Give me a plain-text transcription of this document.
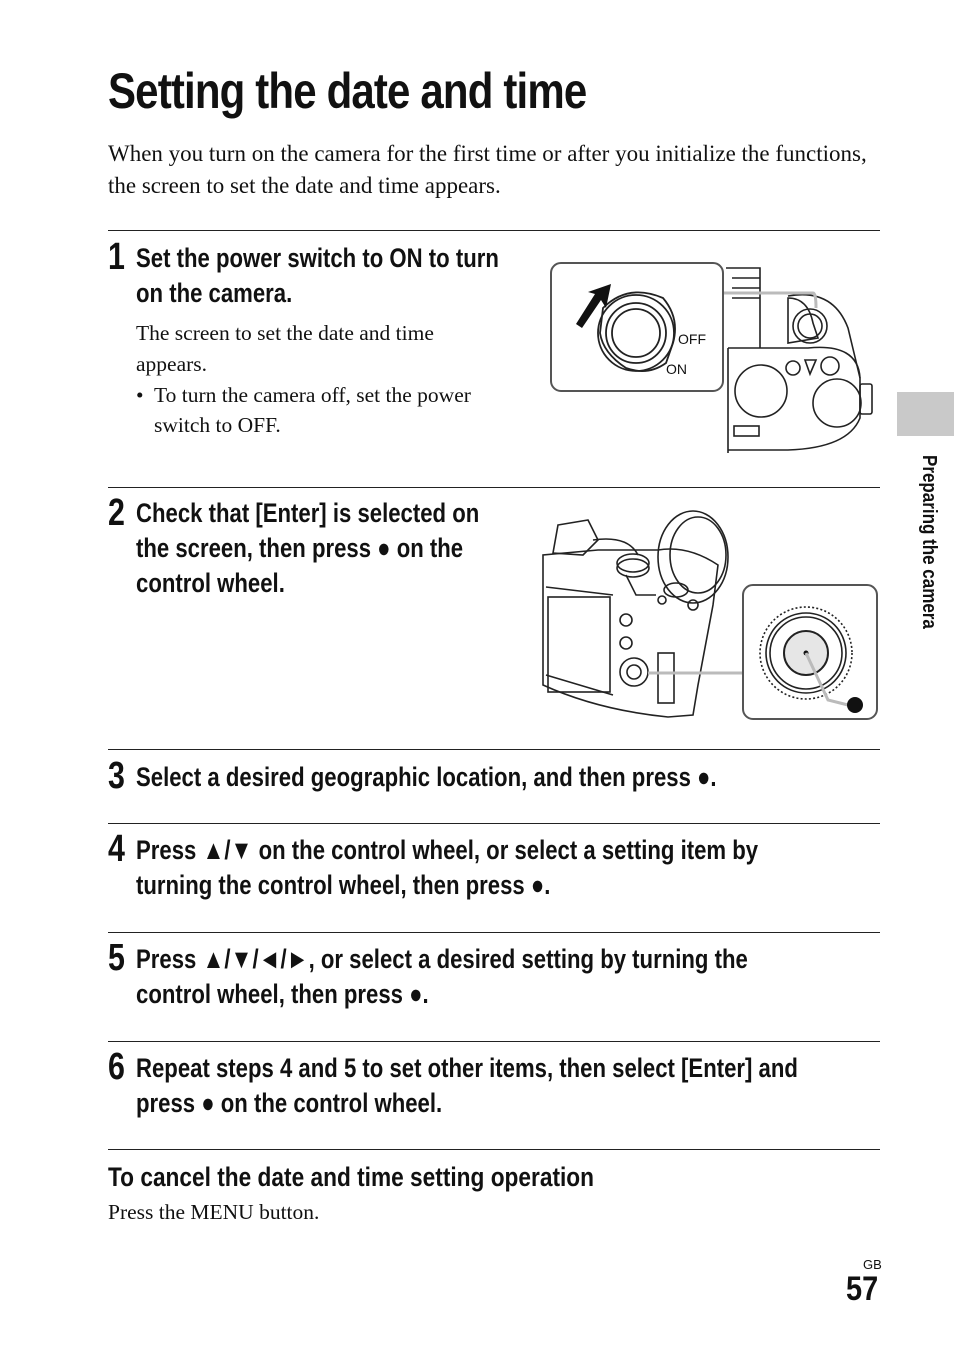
Setting the date and time
When you turn on the camera for the first time or after you initialize the functions, the screen to set the date and time appears.
1 Set the power switch to ON to turn
on the camera.
The screen to set the date and time
appears.
• To turn the camera off, set the power
switch to OFF.
OFF
ON
2 Check that [Enter] is selected on
the screen, then press ● on the
control wheel.
3 Select a desired geographic location, and then press ●.
4 Press ▲/▼ on the control wheel, or select a setting item by
turning the control wheel, then press ●.
5 Press ▲/▼/◄/►, or select a desired setting by turning the
control wheel, then press ●.
6 Repeat steps 4 and 5 to set other items, then select [Enter] and
press ● on the control wheel.
To cancel the date and time setting operation
Press the MENU button.
Preparing the camera
GB
57
